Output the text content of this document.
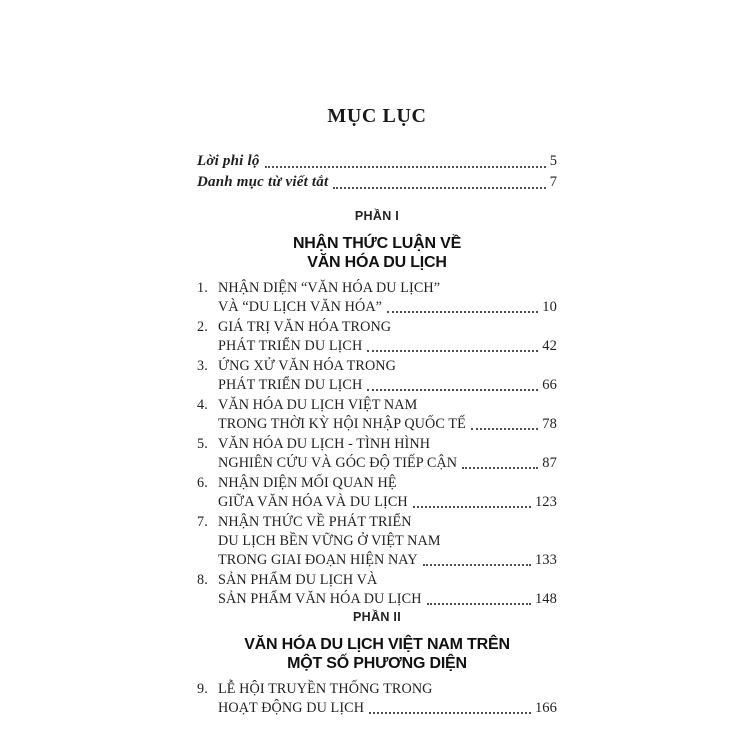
MỤC LỤC
Lời phi lộ	5
Danh mục từ viết tắt	7
PHẦN I
NHẬN THỨC LUẬN VỀ
VĂN HÓA DU LỊCH
1. NHẬN DIỆN “VĂN HÓA DU LỊCH”
VÀ “DU LỊCH VĂN HÓA”	10
2. GIÁ TRỊ VĂN HÓA TRONG
PHÁT TRIỂN DU LỊCH	42
3. ỨNG XỬ VĂN HÓA TRONG
PHÁT TRIỂN DU LỊCH	66
4. VĂN HÓA DU LỊCH VIỆT NAM
TRONG THỜI KỲ HỘI NHẬP QUỐC TẾ	78
5. VĂN HÓA DU LỊCH - TÌNH HÌNH
NGHIÊN CỨU VÀ GÓC ĐỘ TIẾP CẬN	87
6. NHẬN DIỆN MỐI QUAN HỆ
GIỮA VĂN HÓA VÀ DU LỊCH	123
7. NHẬN THỨC VỀ PHÁT TRIỂN
DU LỊCH BỀN VỮNG Ở VIỆT NAM
TRONG GIAI ĐOẠN HIỆN NAY	133
8. SẢN PHẨM DU LỊCH VÀ
SẢN PHẨM VĂN HÓA DU LỊCH	148
PHẦN II
VĂN HÓA DU LỊCH VIỆT NAM TRÊN
MỘT SỐ PHƯƠNG DIỆN
9. LỄ HỘI TRUYỀN THỐNG TRONG
HOẠT ĐỘNG DU LỊCH	166
